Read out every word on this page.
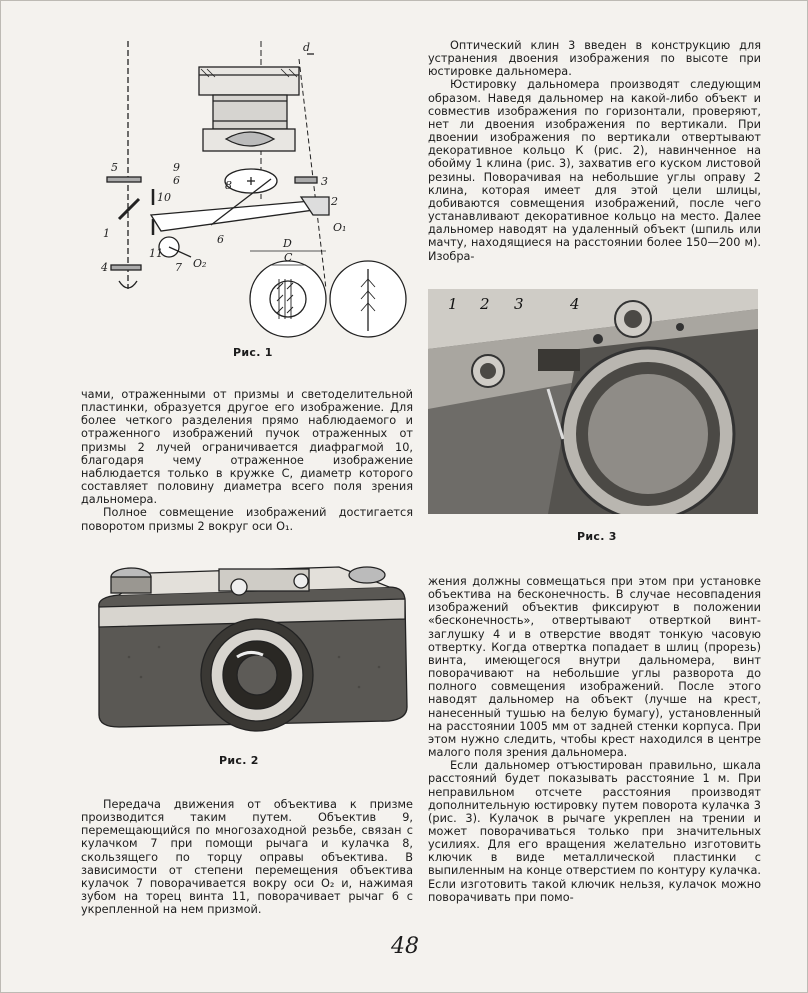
d
5	9
6	8	3
10	2
1	O₁
11
7 O₂
6	D
C
4
Рис. 1

Оптический клин 3 введен в конструкцию для устранения двоения изображения по высоте при юстировке дальномера.

Юстировку дальномера производят следующим образом. Наведя дальномер на какой-либо объект и совместив изображения по горизонтали, проверяют, нет ли двоения изображения по вертикали. При двоении изображения по вертикали отвертывают декоративное кольцо К (рис. 2), навинченное на обойму 1 клина (рис. 3), захватив его куском листовой резины. Поворачивая на небольшие углы оправу 2 клина, которая имеет для этой цели шлицы, добиваются совмещения изображений, после чего устанавливают декоративное кольцо на место. Далее дальномер наводят на удаленный объект (шпиль или мачту, находящиеся на расстоянии более 150—200 м). Изобра-

1 2 3	4
Рис. 3

чами, отраженными от призмы и светоделительной пластинки, образуется другое его изображение. Для более четкого разделения прямо наблюдаемого и отраженного изображений пучок отраженных от призмы 2 лучей ограничивается диафрагмой 10, благодаря чему отраженное изображение наблюдается только в кружке С, диаметр которого составляет половину диаметра всего поля зрения дальномера.

Полное совмещение изображений достигается поворотом призмы 2 вокруг оси O₁.

Рис. 2

Передача движения от объектива к призме производится таким путем. Объектив 9, перемещающийся по многозаходной резьбе, связан с кулачком 7 при помощи рычага и кулачка 8, скользящего по торцу оправы объектива. В зависимости от степени перемещения объектива кулачок 7 поворачивается вокру оси O₂ и, нажимая зубом на торец винта 11, поворачивает рычаг 6 с укрепленной на нем призмой.

жения должны совмещаться при этом при установке объектива на бесконечность. В случае несовпадения изображений объектив фиксируют в положении «бесконечность», отвертывают отверткой винт-заглушку 4 и в отверстие вводят тонкую часовую отвертку. Когда отвертка попадает в шлиц (прорезь) винта, имеющегося внутри дальномера, винт поворачивают на небольшие углы разворота до полного совмещения изображений. После этого наводят дальномер на объект (лучше на крест, нанесенный тушью на белую бумагу), установленный на расстоянии 1005 мм от задней стенки корпуса. При этом нужно следить, чтобы крест находился в центре малого поля зрения дальномера.

Если дальномер отъюстирован правильно, шкала расстояний будет показывать расстояние 1 м. При неправильном отсчете расстояния производят дополнительную юстировку путем поворота кулачка 3 (рис. 3). Кулачок в рычаге укреплен на трении и может поворачиваться только при значительных усилиях. Для его вращения желательно изготовить ключик в виде металлической пластинки с выпиленным на конце отверстием по контуру кулачка. Если изготовить такой ключик нельзя, кулачок можно поворачивать при помо-

48
